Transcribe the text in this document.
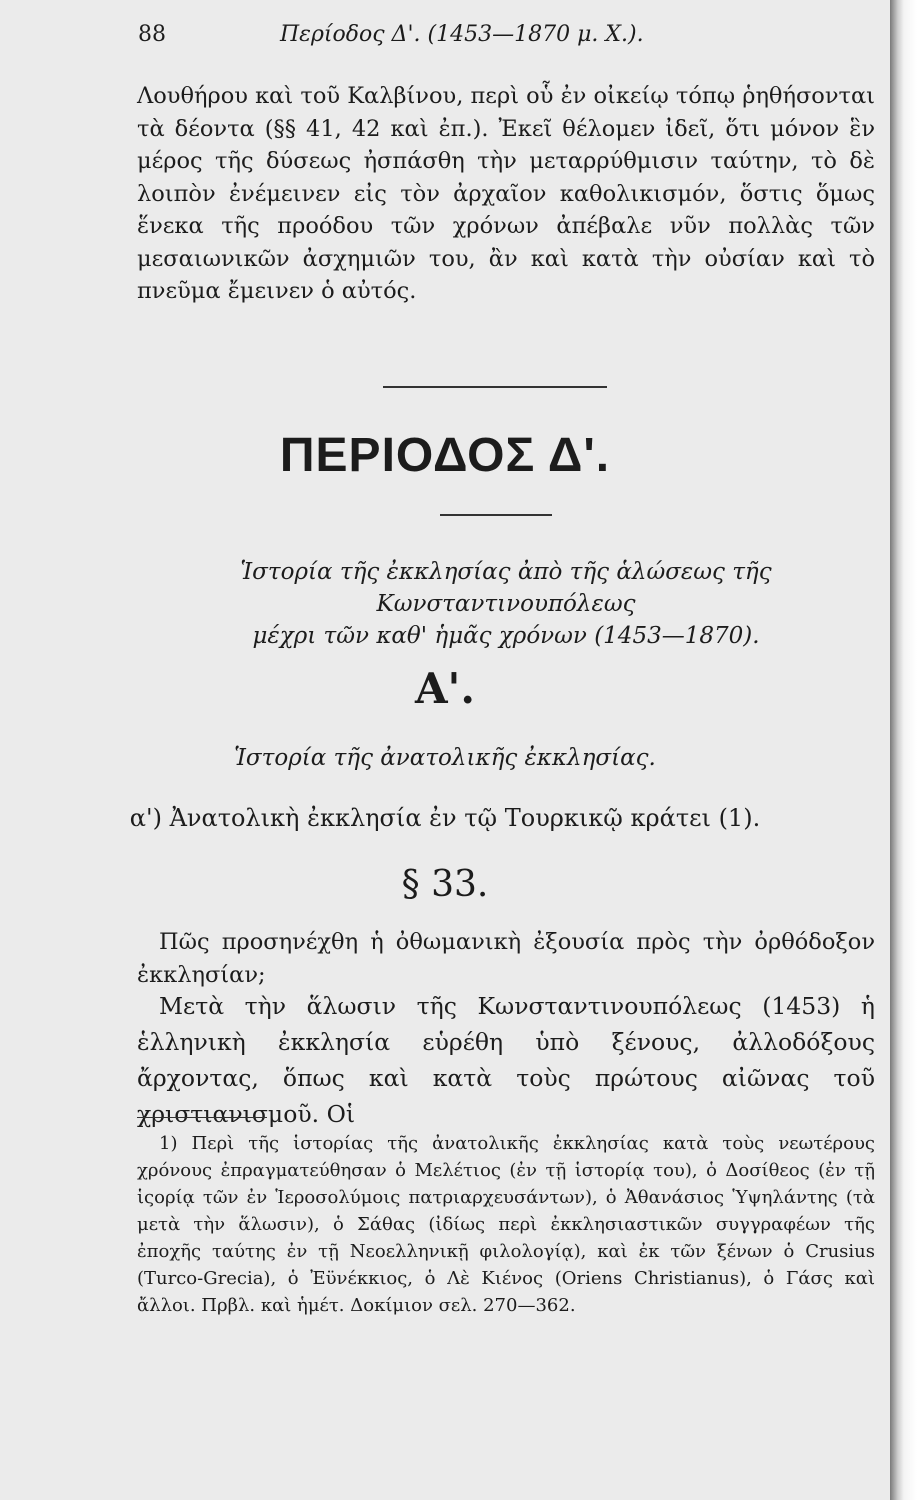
88	Περίοδος Δ'. (1453—1870 μ. Χ.).

Λουθήρου καὶ τοῦ Καλβίνου, περὶ οὗ ἐν οἰκείῳ τόπῳ ῥηθήσονται τὰ δέοντα (§§ 41, 42 καὶ ἐπ.). Ἐκεῖ θέλομεν ἰδεῖ, ὅτι μόνον ἓν μέρος τῆς δύσεως ἠσπάσθη τὴν μεταρρύθμισιν ταύτην, τὸ δὲ λοιπὸν ἐνέμεινεν εἰς τὸν ἀρχαῖον καθολικισμόν, ὅστις ὅμως ἕνεκα τῆς προόδου τῶν χρόνων ἀπέβαλε νῦν πολλὰς τῶν μεσαιωνικῶν ἀσχημιῶν του, ἂν καὶ κατὰ τὴν οὐσίαν καὶ τὸ πνεῦμα ἔμεινεν ὁ αὐτός.

ΠΕΡΙΟΔΟΣ Δ'.
Ἱστορία τῆς ἐκκλησίας ἀπὸ τῆς ἁλώσεως τῆς Κωνσταντινουπόλεως
μέχρι τῶν καθ' ἡμᾶς χρόνων (1453—1870).
Α'.
Ἱστορία τῆς ἀνατολικῆς ἐκκλησίας.
α') Ἀνατολικὴ ἐκκλησία ἐν τῷ Τουρκικῷ κράτει (1).
§ 33.

Πῶς προσηνέχθη ἡ ὀθωμανικὴ ἐξουσία πρὸς τὴν ὀρθόδοξον ἐκκλησίαν;

Μετὰ τὴν ἅλωσιν τῆς Κωνσταντινουπόλεως (1453) ἡ ἑλληνικὴ ἐκκλησία εὑρέθη ὑπὸ ξένους, ἀλλοδόξους ἄρχοντας, ὅπως καὶ κατὰ τοὺς πρώτους αἰῶνας τοῦ χριστιανισμοῦ. Οἱ

1) Περὶ τῆς ἱστορίας τῆς ἀνατολικῆς ἐκκλησίας κατὰ τοὺς νεωτέρους χρόνους ἐπραγματεύθησαν ὁ Μελέτιος (ἐν τῇ ἱστορίᾳ του), ὁ Δοσίθεος (ἐν τῇ ἱςορίᾳ τῶν ἐν Ἱεροσολύμοις πατριαρχευσάντων), ὁ Ἀθανάσιος Ὑψηλάντης (τὰ μετὰ τὴν ἅλωσιν), ὁ Σάθας (ἰδίως περὶ ἐκκλησιαστικῶν συγγραφέων τῆς ἐποχῆς ταύτης ἐν τῇ Νεοελληνικῇ φιλολογίᾳ), καὶ ἐκ τῶν ξένων ὁ Crusius (Turco-Grecia), ὁ Ἐϋνέκκιος, ὁ Λὲ Κιένος (Oriens Christianus), ὁ Γάσς καὶ ἄλλοι. Πρβλ. καὶ ἡμέτ. Δοκίμιον σελ. 270—362.
